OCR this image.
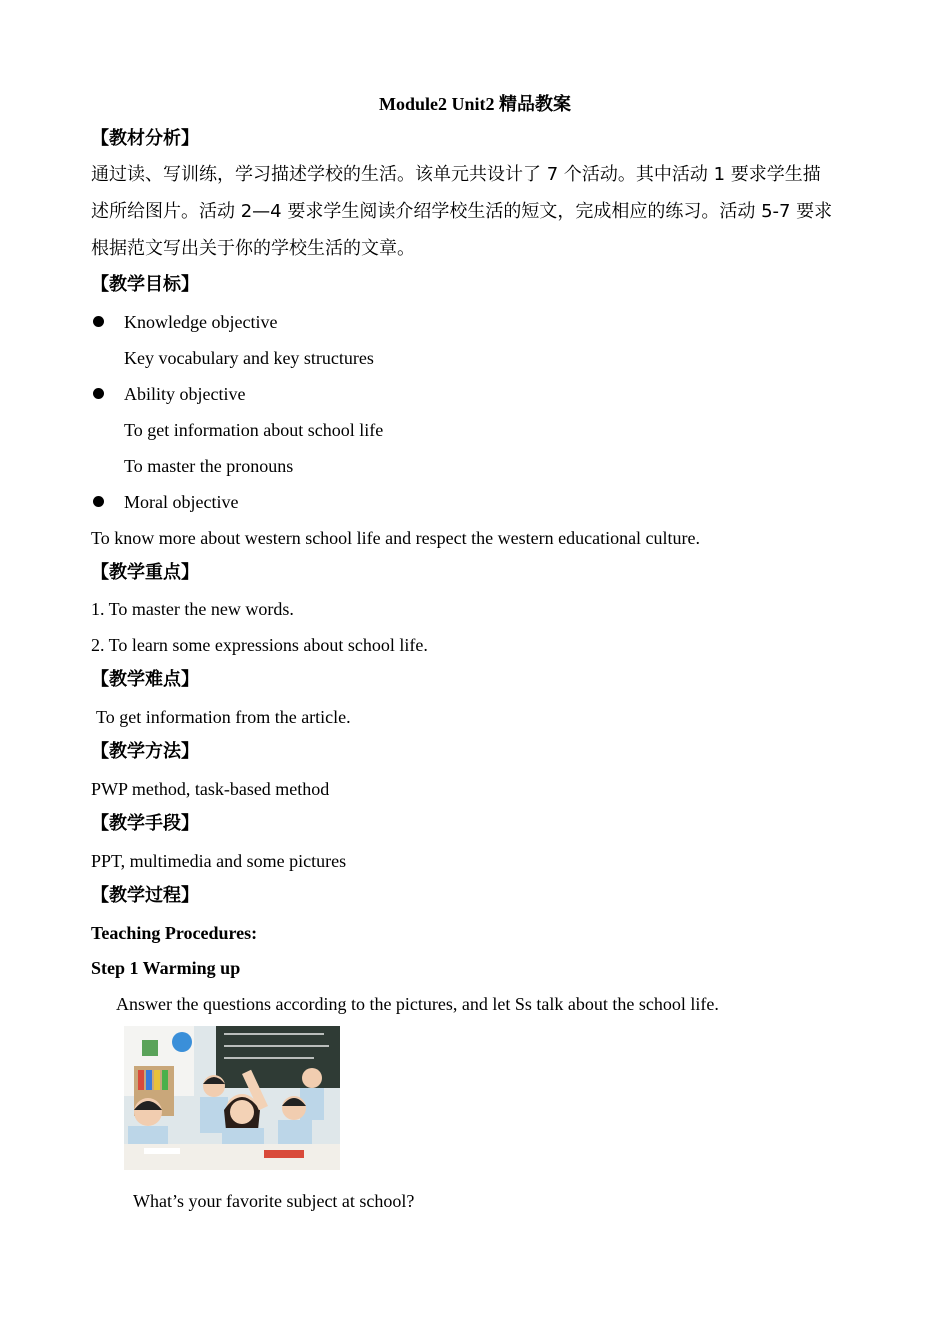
Module2 Unit2 精品教案
【教材分析】
通过读、写训练，学习描述学校的生活。该单元共设计了 7 个活动。其中活动 1 要求学生描
述所给图片。活动 2—4 要求学生阅读介绍学校生活的短文，完成相应的练习。活动 5-7 要求
根据范文写出关于你的学校生活的文章。
【教学目标】
Knowledge objective
Key vocabulary and key structures
Ability objective
To get information about school life
To master the pronouns
Moral objective
To know more about western school life and respect the western educational culture.
【教学重点】
1. To master the new words.
2. To learn some expressions about school life.
【教学难点】
To get information from the article.
【教学方法】
PWP method, task-based method
【教学手段】
PPT, multimedia and some pictures
【教学过程】
Teaching Procedures:
Step 1 Warming up
Answer the questions according to the pictures, and let Ss talk about the school life.
What’s your favorite subject at school?
